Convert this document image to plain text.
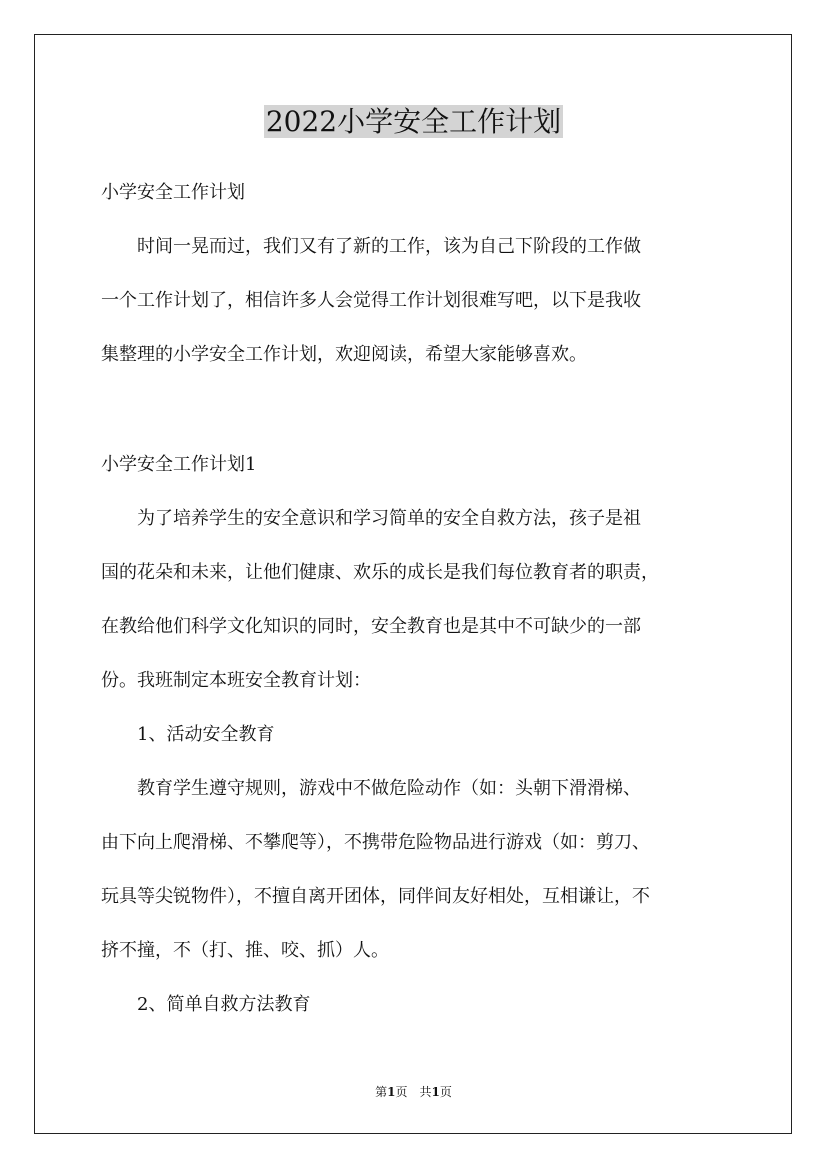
2022小学安全工作计划

小学安全工作计划

　　时间一晃而过，我们又有了新的工作，该为自己下阶段的工作做

一个工作计划了，相信许多人会觉得工作计划很难写吧，以下是我收

集整理的小学安全工作计划，欢迎阅读，希望大家能够喜欢。

小学安全工作计划1

　　为了培养学生的安全意识和学习简单的安全自救方法，孩子是祖

国的花朵和未来，让他们健康、欢乐的成长是我们每位教育者的职责，

在教给他们科学文化知识的同时，安全教育也是其中不可缺少的一部

份。我班制定本班安全教育计划：

　　1、活动安全教育

　　教育学生遵守规则，游戏中不做危险动作（如：头朝下滑滑梯、

由下向上爬滑梯、不攀爬等），不携带危险物品进行游戏（如：剪刀、

玩具等尖锐物件），不擅自离开团体，同伴间友好相处，互相谦让，不

挤不撞，不（打、推、咬、抓）人。

　　2、简单自救方法教育

第1页　共1页
